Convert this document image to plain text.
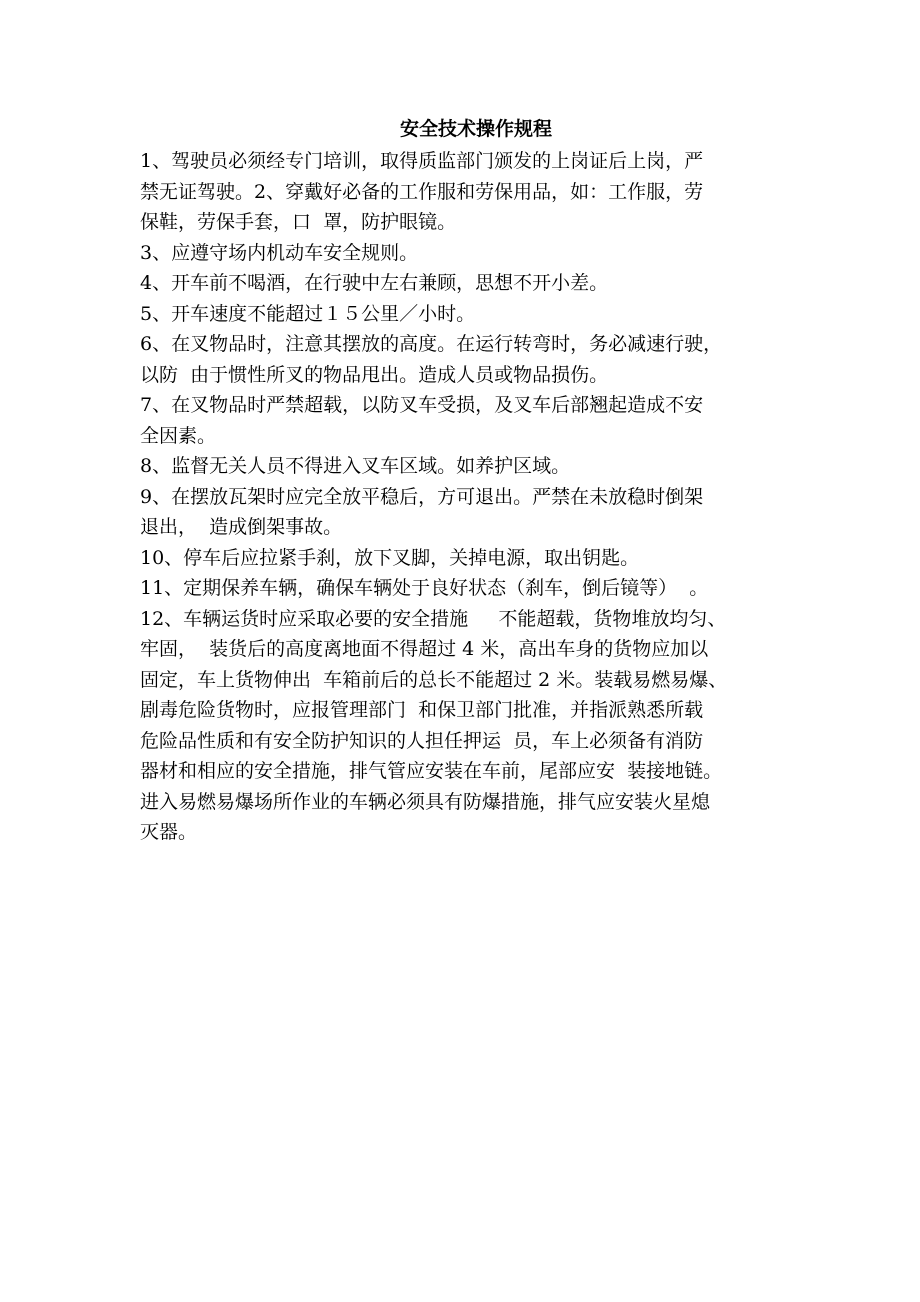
安全技术操作规程
1、驾驶员必须经专门培训，取得质监部门颁发的上岗证后上岗，严
禁无证驾驶。2、穿戴好必备的工作服和劳保用品，如：工作服，劳
保鞋，劳保手套，口  罩，防护眼镜。
3、应遵守场内机动车安全规则。
4、开车前不喝酒，在行驶中左右兼顾，思想不开小差。
5、开车速度不能超过１５公里／小时。
6、在叉物品时，注意其摆放的高度。在运行转弯时，务必减速行驶，
以防  由于惯性所叉的物品甩出。造成人员或物品损伤。
7、在叉物品时严禁超载，以防叉车受损，及叉车后部翘起造成不安
全因素。
8、监督无关人员不得进入叉车区域。如养护区域。
9、在摆放瓦架时应完全放平稳后，方可退出。严禁在未放稳时倒架
退出，  造成倒架事故。
10、停车后应拉紧手刹，放下叉脚，关掉电源，取出钥匙。
11、定期保养车辆，确保车辆处于良好状态（刹车，倒后镜等）  。
12、车辆运货时应采取必要的安全措施     不能超载，货物堆放均匀、
牢固，  装货后的高度离地面不得超过 4 米，高出车身的货物应加以
固定，车上货物伸出  车箱前后的总长不能超过 2 米。装载易燃易爆、
剧毒危险货物时，应报管理部门  和保卫部门批准，并指派熟悉所载
危险品性质和有安全防护知识的人担任押运  员，车上必须备有消防
器材和相应的安全措施，排气管应安装在车前，尾部应安  装接地链。
进入易燃易爆场所作业的车辆必须具有防爆措施，排气应安装火星熄
灭器。
